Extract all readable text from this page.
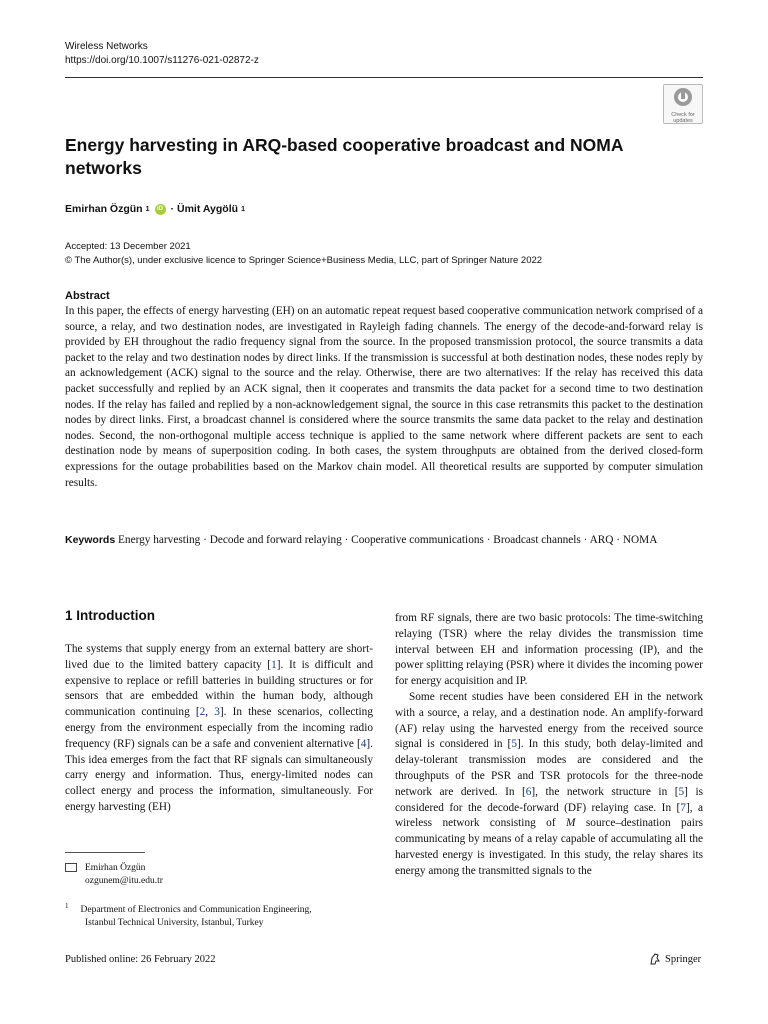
Wireless Networks
https://doi.org/10.1007/s11276-021-02872-z
Check for updates
Energy harvesting in ARQ-based cooperative broadcast and NOMA networks
Emirhan Özgün 1	iD · Ümit Aygölü 1
Accepted: 13 December 2021
© The Author(s), under exclusive licence to Springer Science+Business Media, LLC, part of Springer Nature 2022
Abstract
In this paper, the effects of energy harvesting (EH) on an automatic repeat request based cooperative communication network comprised of a source, a relay, and two destination nodes, are investigated in Rayleigh fading channels. The energy of the decode-and-forward relay is provided by EH throughout the radio frequency signal from the source. In the proposed transmission protocol, the source transmits a data packet to the relay and two destination nodes by direct links. If the transmission is successful at both destination nodes, these nodes reply by an acknowledgement (ACK) signal to the source and the relay. Otherwise, there are two alternatives: If the relay has received this data packet successfully and replied by an ACK signal, then it cooperates and transmits the data packet for a second time to two destination nodes. If the relay has failed and replied by a non-acknowledgement signal, the source in this case retransmits this packet to the destination nodes by direct links. First, a broadcast channel is considered where the source transmits the same data packet to the relay and destination nodes. Second, the non-orthogonal multiple access technique is applied to the same network where different packets are sent to each destination node by means of superposition coding. In both cases, the system throughputs are obtained from the derived closed-form expressions for the outage probabilities based on the Markov chain model. All theoretical results are supported by computer simulation results.
Keywords Energy harvesting · Decode and forward relaying · Cooperative communications · Broadcast channels · ARQ · NOMA
1 Introduction
The systems that supply energy from an external battery are short-lived due to the limited battery capacity [1]. It is difficult and expensive to replace or refill batteries in building structures or for sensors that are embedded within the human body, although communication continuing [2, 3]. In these scenarios, collecting energy from the environment especially from the incoming radio frequency (RF) signals can be a safe and convenient alternative [4]. This idea emerges from the fact that RF signals can simultaneously carry energy and information. Thus, energy-limited nodes can collect energy and process the information, simultaneously. For energy harvesting (EH)

from RF signals, there are two basic protocols: The time-switching relaying (TSR) where the relay divides the transmission time interval between EH and information processing (IP), and the power splitting relaying (PSR) where it divides the incoming power for energy acquisition and IP.

Some recent studies have been considered EH in the network with a source, a relay, and a destination node. An amplify-forward (AF) relay using the harvested energy from the received source signal is considered in [5]. In this study, both delay-limited and delay-tolerant transmission modes are considered and the throughputs of the PSR and TSR protocols for the three-node network are derived. In [6], the network structure in [5] is considered for the decode-forward (DF) relaying case. In [7], a wireless network consisting of M source–destination pairs communicating by means of a relay capable of accumulating all the harvested energy is investigated. In this study, the relay shares its energy among the transmitted signals to the

Emirhan Özgün
ozgunem@itu.edu.tr
$^1$ Department of Electronics and Communication Engineering,
Istanbul Technical University, Istanbul, Turkey
Published online: 26 February 2022	Springer
